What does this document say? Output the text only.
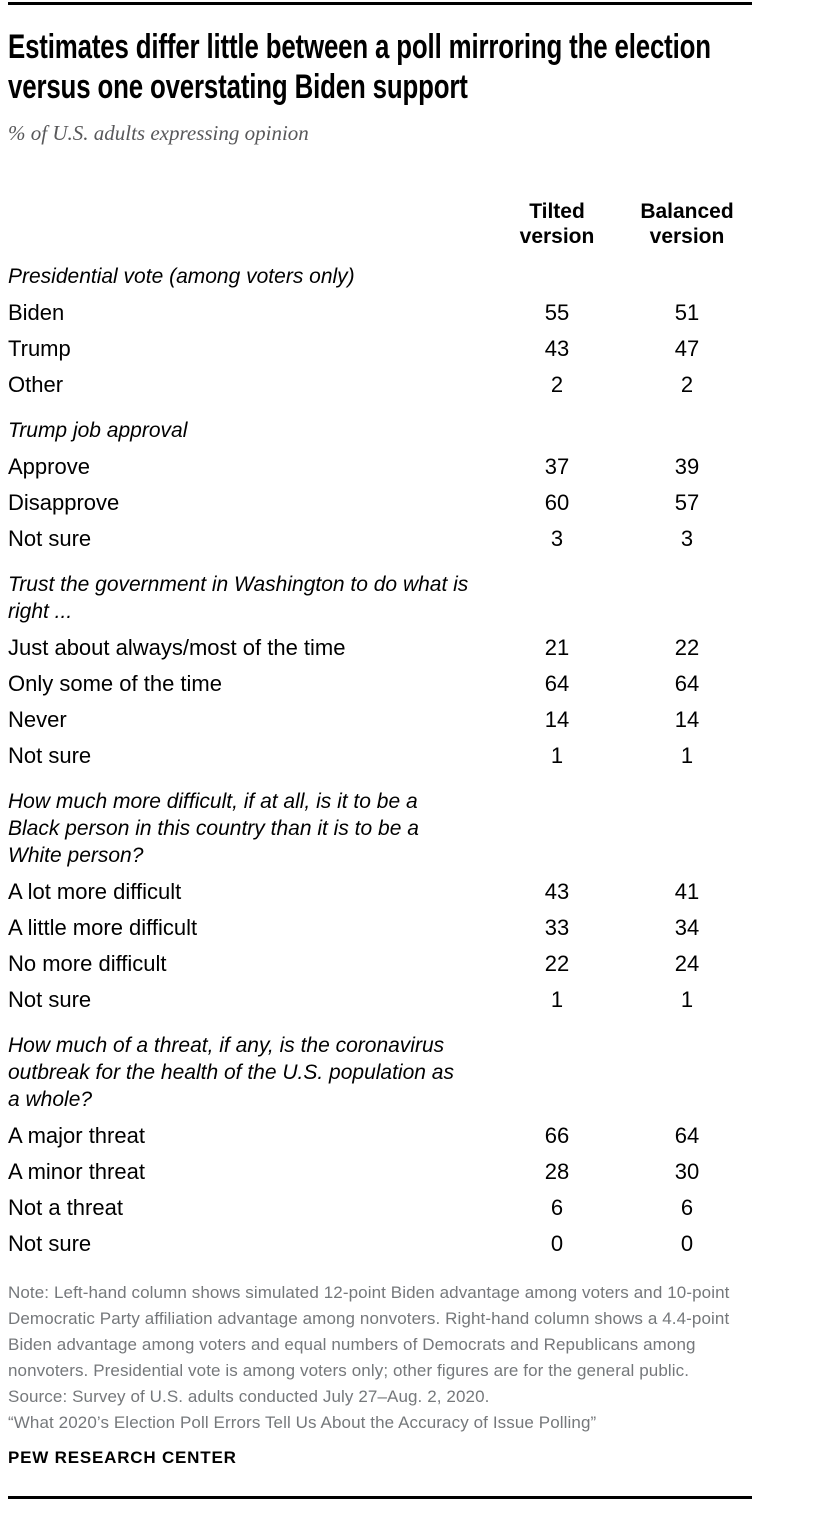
Estimates differ little between a poll mirroring the election versus one overstating Biden support

% of U.S. adults expressing opinion

Tilted version
Balanced version
Presidential vote (among voters only)
Biden	55	51
Trump	43	47
Other	2	2
Trump job approval
Approve	37	39
Disapprove	60	57
Not sure	3	3
Trust the government in Washington to do what is right ...
Just about always/most of the time	21	22
Only some of the time	64	64
Never	14	14
Not sure	1	1
How much more difficult, if at all, is it to be a Black person in this country than it is to be a White person?
A lot more difficult	43	41
A little more difficult	33	34
No more difficult	22	24
Not sure	1	1
How much of a threat, if any, is the coronavirus outbreak for the health of the U.S. population as a whole?
A major threat	66	64
A minor threat	28	30
Not a threat	6	6
Not sure	0	0

Note: Left-hand column shows simulated 12-point Biden advantage among voters and 10-point Democratic Party affiliation advantage among nonvoters. Right-hand column shows a 4.4-point Biden advantage among voters and equal numbers of Democrats and Republicans among nonvoters. Presidential vote is among voters only; other figures are for the general public.

Source: Survey of U.S. adults conducted July 27–Aug. 2, 2020.

“What 2020’s Election Poll Errors Tell Us About the Accuracy of Issue Polling”

PEW RESEARCH CENTER
